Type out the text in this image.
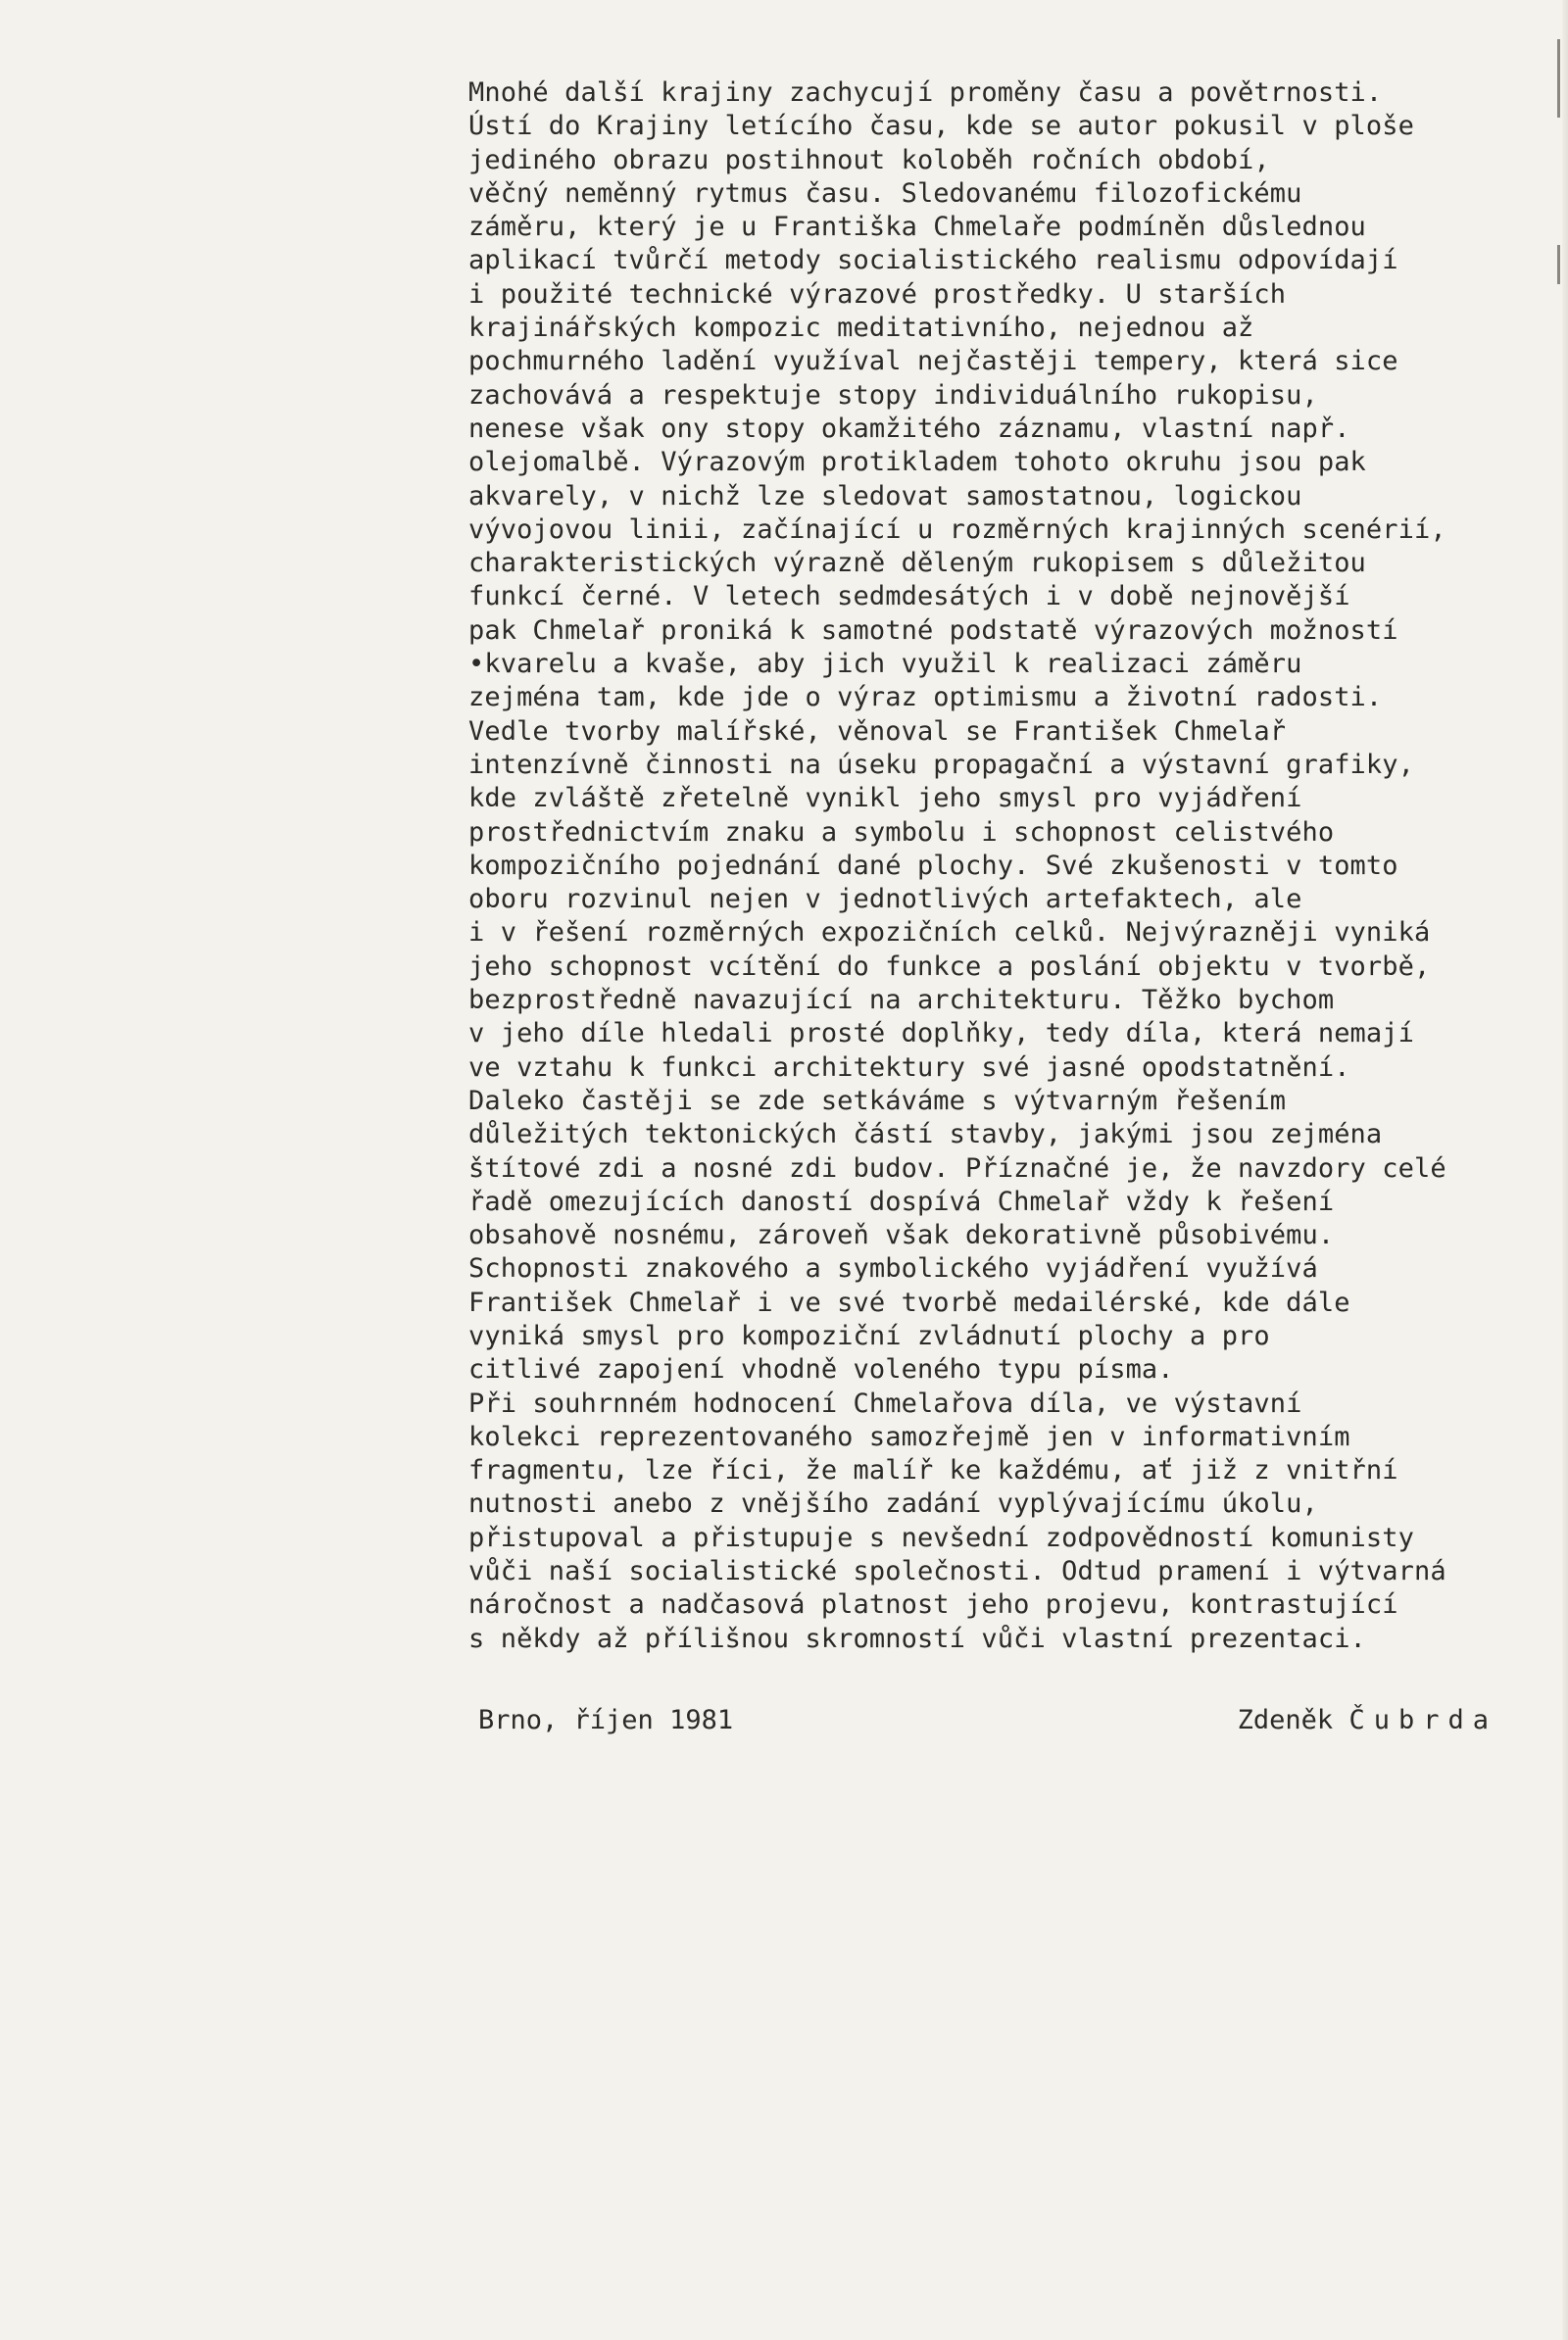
Mnohé další krajiny zachycují proměny času a povětrnosti.
Ústí do Krajiny letícího času, kde se autor pokusil v ploše
jediného obrazu postihnout koloběh ročních období,
věčný neměnný rytmus času. Sledovanému filozofickému
záměru, který je u Františka Chmelaře podmíněn důslednou
aplikací tvůrčí metody socialistického realismu odpovídají
i použité technické výrazové prostředky. U starších
krajinářských kompozic meditativního, nejednou až
pochmurného ladění využíval nejčastěji tempery, která sice
zachovává a respektuje stopy individuálního rukopisu,
nenese však ony stopy okamžitého záznamu, vlastní např.
olejomalbě. Výrazovým protikladem tohoto okruhu jsou pak
akvarely, v nichž lze sledovat samostatnou, logickou
vývojovou linii, začínající u rozměrných krajinných scenérií,
charakteristických výrazně děleným rukopisem s důležitou
funkcí černé. V letech sedmdesátých i v době nejnovější
pak Chmelař proniká k samotné podstatě výrazových možností
•kvarelu a kvaše, aby jich využil k realizaci záměru
zejména tam, kde jde o výraz optimismu a životní radosti.
Vedle tvorby malířské, věnoval se František Chmelař
intenzívně činnosti na úseku propagační a výstavní grafiky,
kde zvláště zřetelně vynikl jeho smysl pro vyjádření
prostřednictvím znaku a symbolu i schopnost celistvého
kompozičního pojednání dané plochy. Své zkušenosti v tomto
oboru rozvinul nejen v jednotlivých artefaktech, ale
i v řešení rozměrných expozičních celků. Nejvýrazněji vyniká
jeho schopnost vcítění do funkce a poslání objektu v tvorbě,
bezprostředně navazující na architekturu. Těžko bychom
v jeho díle hledali prosté doplňky, tedy díla, která nemají
ve vztahu k funkci architektury své jasné opodstatnění.
Daleko častěji se zde setkáváme s výtvarným řešením
důležitých tektonických částí stavby, jakými jsou zejména
štítové zdi a nosné zdi budov. Příznačné je, že navzdory celé
řadě omezujících daností dospívá Chmelař vždy k řešení
obsahově nosnému, zároveň však dekorativně působivému.
Schopnosti znakového a symbolického vyjádření využívá
František Chmelař i ve své tvorbě medailérské, kde dále
vyniká smysl pro kompoziční zvládnutí plochy a pro
citlivé zapojení vhodně voleného typu písma.
Při souhrnném hodnocení Chmelařova díla, ve výstavní
kolekci reprezentovaného samozřejmě jen v informativním
fragmentu, lze říci, že malíř ke každému, ať již z vnitřní
nutnosti anebo z vnějšího zadání vyplývajícímu úkolu,
přistupoval a přistupuje s nevšední zodpovědností komunisty
vůči naší socialistické společnosti. Odtud pramení i výtvarná
náročnost a nadčasová platnost jeho projevu, kontrastující
s někdy až přílišnou skromností vůči vlastní prezentaci.
Brno, říjen 1981	Zdeněk Čubrda
